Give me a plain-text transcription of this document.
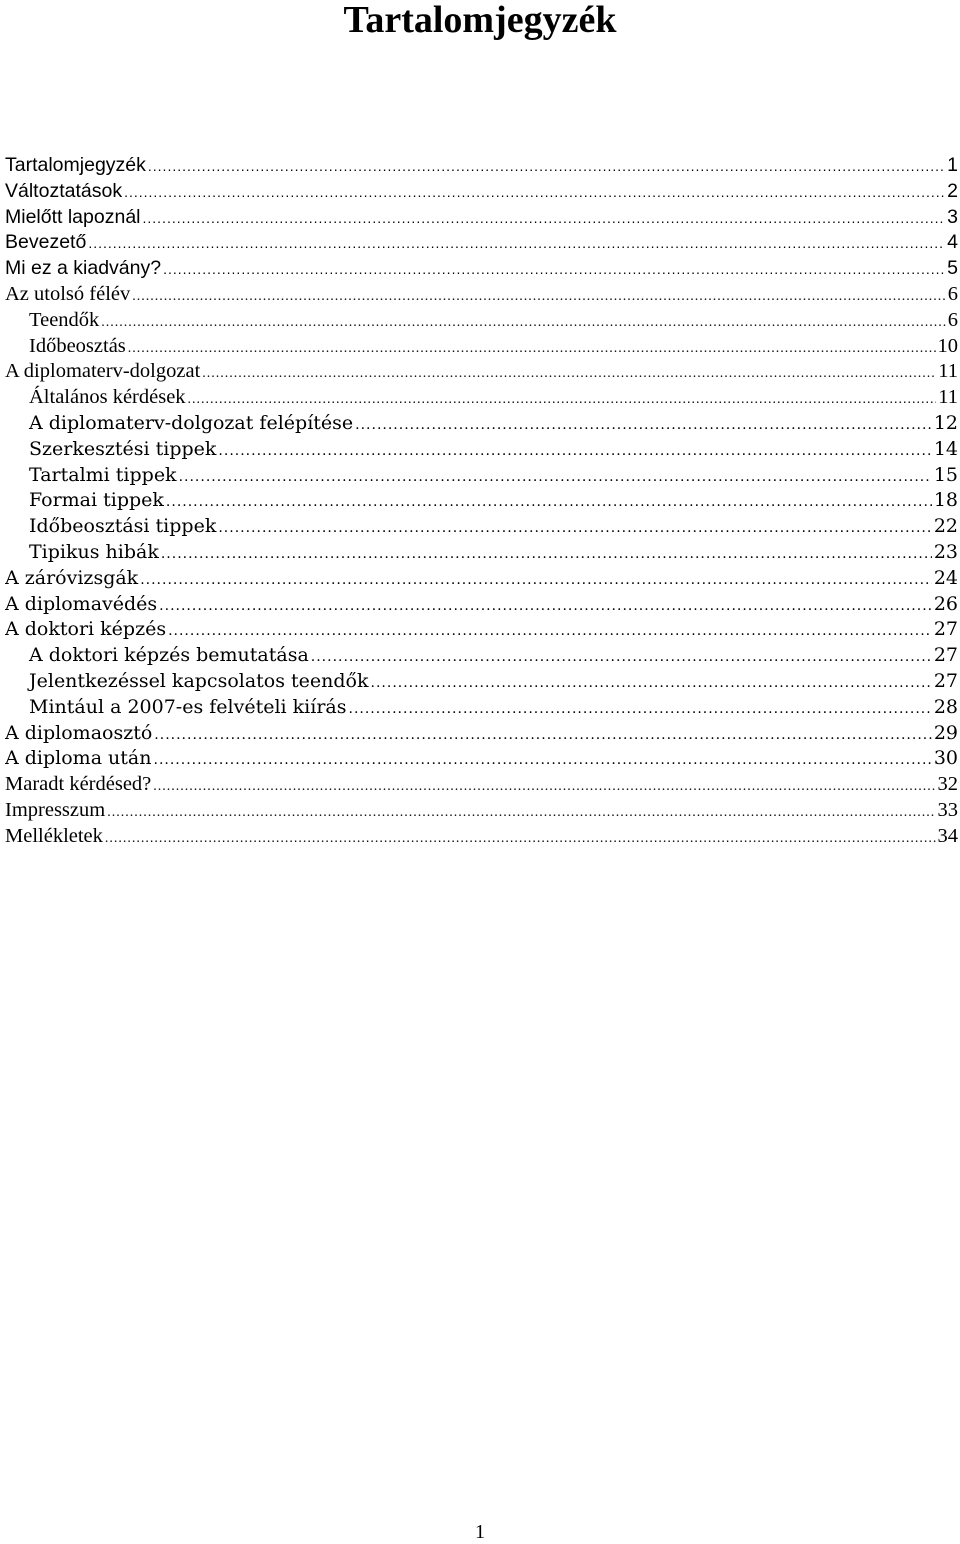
Tartalomjegyzék
Tartalomjegyzék .....	1
Változtatások .....	2
Mielőtt lapoznál .....	3
Bevezető .....	4
Mi ez a kiadvány? .....	5
Az utolsó félév .....	6
Teendők .....	6
Időbeosztás .....	10
A diplomaterv-dolgozat .....	11
Általános kérdések .....	11
A diplomaterv-dolgozat felépítése .....	12
Szerkesztési tippek .....	14
Tartalmi tippek .....	15
Formai tippek .....	18
Időbeosztási tippek .....	22
Tipikus hibák .....	23
A záróvizsgák .....	24
A diplomavédés .....	26
A doktori képzés .....	27
A doktori képzés bemutatása .....	27
Jelentkezéssel kapcsolatos teendők .....	27
Mintául a 2007-es felvételi kiírás .....	28
A diplomaosztó .....	29
A diploma után .....	30
Maradt kérdésed? .....	32
Impresszum .....	33
Mellékletek .....	34
1
